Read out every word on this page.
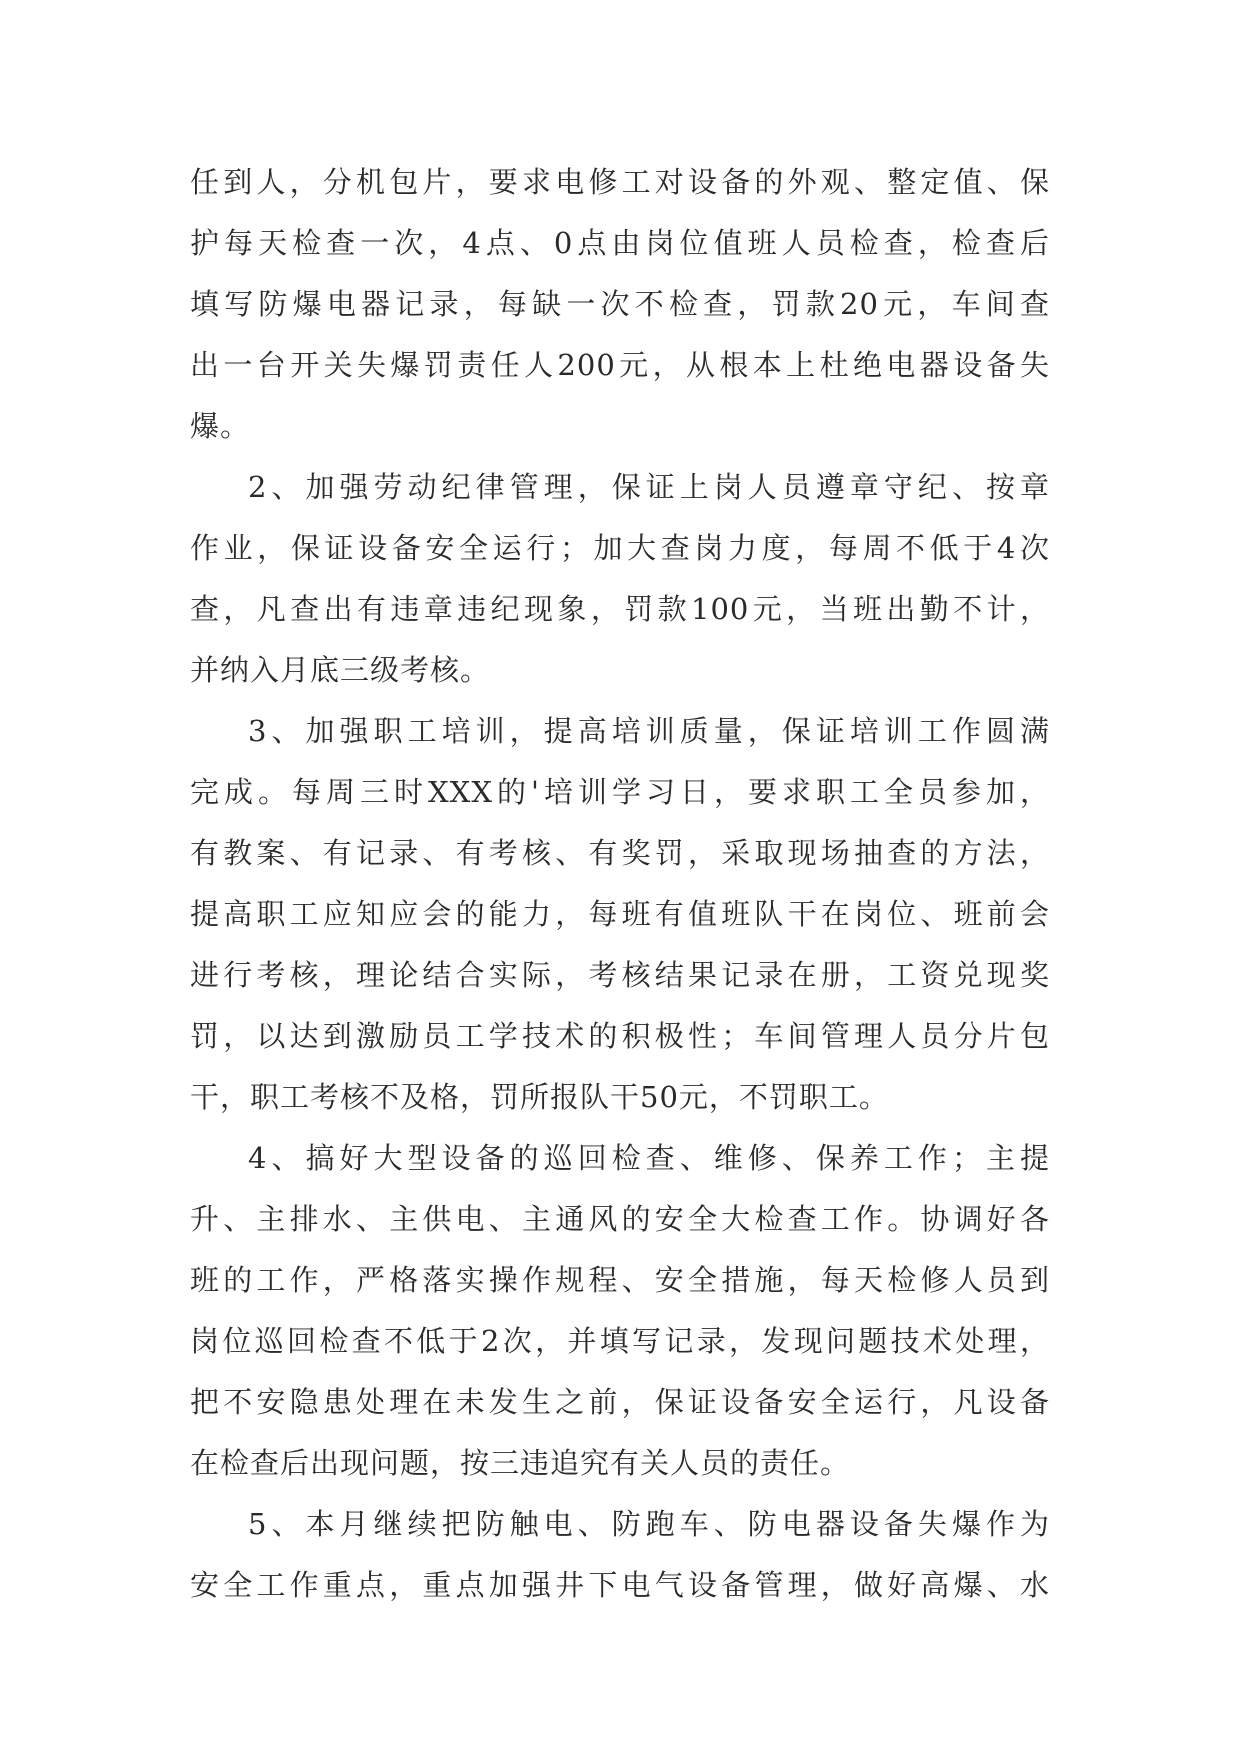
任到人，分机包片，要求电修工对设备的外观、整定值、保
护每天检查一次，4点、0点由岗位值班人员检查，检查后
填写防爆电器记录，每缺一次不检查，罚款20元，车间查
出一台开关失爆罚责任人200元，从根本上杜绝电器设备失
爆。
2、加强劳动纪律管理，保证上岗人员遵章守纪、按章
作业，保证设备安全运行；加大查岗力度，每周不低于4次
查，凡查出有违章违纪现象，罚款100元，当班出勤不计，
并纳入月底三级考核。
3、加强职工培训，提高培训质量，保证培训工作圆满
完成。每周三时XXX的'培训学习日，要求职工全员参加，
有教案、有记录、有考核、有奖罚，采取现场抽查的方法，
提高职工应知应会的能力，每班有值班队干在岗位、班前会
进行考核，理论结合实际，考核结果记录在册，工资兑现奖
罚，以达到激励员工学技术的积极性；车间管理人员分片包
干，职工考核不及格，罚所报队干50元，不罚职工。
4、搞好大型设备的巡回检查、维修、保养工作；主提
升、主排水、主供电、主通风的安全大检查工作。协调好各
班的工作，严格落实操作规程、安全措施，每天检修人员到
岗位巡回检查不低于2次，并填写记录，发现问题技术处理，
把不安隐患处理在未发生之前，保证设备安全运行，凡设备
在检查后出现问题，按三违追究有关人员的责任。
5、本月继续把防触电、防跑车、防电器设备失爆作为
安全工作重点，重点加强井下电气设备管理，做好高爆、水
